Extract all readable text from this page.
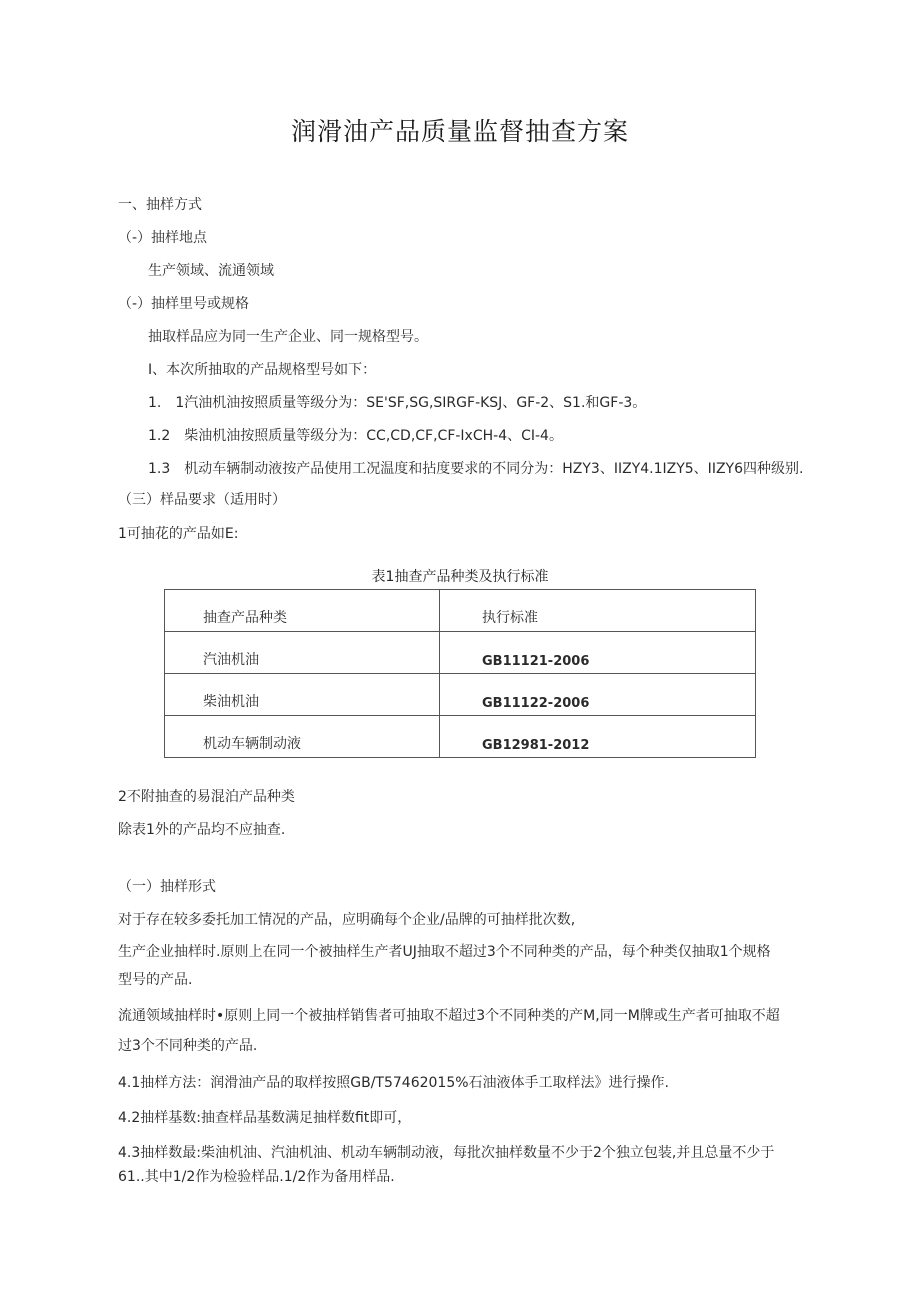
润滑油产品质量监督抽查方案
一、抽样方式
（-）抽样地点
生产领域、流通领域
（-）抽样里号或规格
抽取样品应为同一生产企业、同一规格型号。
I、本次所抽取的产品规格型号如下：
1.　1汽油机油按照质量等级分为：SE'SF,SG,SIRGF-KSJ、GF-2、S1.和GF-3。
1.2　柴油机油按照质量等级分为：CC,CD,CF,CF-IxCH-4、CI-4。
1.3　机动车辆制动液按产品使用工况温度和拈度要求的不同分为：HZY3、IIZY4.1IZY5、IIZY6四种级别.
（三）样品要求（适用时）
1可抽花的产品如E:
表1抽查产品种类及执行标准
抽查产品种类	执行标准
汽油机油	GB11121-2006
柴油机油	GB11122-2006
机动车辆制动液	GB12981-2012
2不附抽查的易混泊产品种类
除表1外的产品均不应抽查.
（一）抽样形式
对于存在较多委托加工情况的产品，应明确每个企业/品牌的可抽样批次数,
生产企业抽样时.原则上在同一个被抽样生产者UJ抽取不超过3个不同种类的产品，每个种类仅抽取1个规格
型号的产品.
流通领域抽样时•原则上同一个被抽样销售者可抽取不超过3个不同种类的产M,同一M牌或生产者可抽取不超
过3个不同种类的产品.
4.1抽样方法：润滑油产品的取样按照GB/T57462015%石油液体手工取样法》进行操作.
4.2抽样基数:抽查样品基数满足抽样数fit即可，
4.3抽样数最:柴油机油、汽油机油、机动车辆制动液，每批次抽样数量不少于2个独立包装,并且总量不少于
61..其中1/2作为检验样品.1/2作为备用样品.
